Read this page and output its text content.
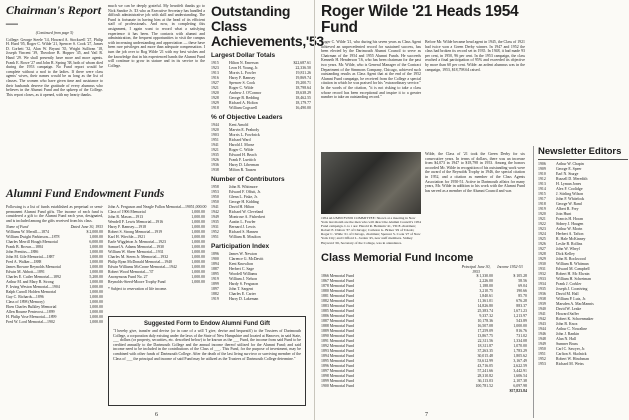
Chairman's Report—
(Continued from page 5)
College: George Steele '14, Howard A. Stockwell '27, Philip H. Hurd '05, Roger C. Wilde '21, Spencer S. Cook '27, James D. Corbett '32, Alan W. Bryant '35, Wright Sullivan '18, Joseph Vincent '39, Theodore B. Hopper '45, and Vail R. Hand '29. We shall presently have more and more agents. Frank E. Rowe '27 and John R. Spring '38, both of whom died during the 1953 campaign. No Fund report would be complete without a nod to the ladies. If there were class agents' wives, their names would be as long as the list of classes. The women who have given time and assistance to their husbands deserve the gratitude of every alumnus who believes in the Alumni Fund and the upkeep of the College. This report closes, as it opened, with my hearty thanks.
much we can be deeply grateful. My heartfelt thanks go to Nick Sandoe Jr. '43 who as Executive Secretary has handled a difficult administrative job with skill and understanding. The Fund is fortunate in having him at the head of its efficient staff of professionals. And now, in completing this assignment, I again want to record what a satisfying experience it has been. The contacts with alumni and administration, the frequent opportunities to visit the campus with increasing understanding and appreciation — these have been rare privileges and more than adequate compensation. I turn the job over to Rog Wilde '21 with my best wishes and the knowledge that in his experienced hands the Alumni Fund will continue to grow in stature and in its service to the College.
Alumni Fund Endowment Funds
Following is a list of funds established as perpetual or semi-permanent Alumni Fund gifts. The income of each fund is considered a gift to the Alumni Fund each year, designated, and is included among the gifts received from his class.
Name of Fund	Dated June 30, 1953
Williams W. Merrill—1874	$ 2,000.00
William Dwight Parkinson—1878	1,000.00
Charles Merrill Hough Memorial	6,000.00
Frank B. Brown—1884	1,000.00
John Prentiss—1886	1,000.00
John M. Gile Memorial—1887	1,000.00
Fred A. Walker—1888	1,000.00
James Browne Reynolds Memorial	1,000.00
Edwin M. Abbott—1891	1,000.00
Charles E. Cutler Memorial—1892	5,200.00
Arthur M. and Mary B. Strong	1,000.00
F. Irving Weston Memorial—1904	1,000.00
Ralph Carroll Holden Memorial	1,000.00
Guy C. Richards—1896	1,000.00
Class of 1898 (Memory)	1,000.00
Eben Charles Bulkley Memorial	1,000.00
Allen Bourne Pentecost—1899	1,000.00
H. Philip Vose Memorial—1899	1,000.00
Fred W. Lord Memorial—1902	1,000.00
John A. Ferguson and Neagle Fallon Memorial—1905 1,000.00
Class of 1906 Memorial	1,000.00
John R. Mason—1913	1,000.00
Wendell F. Lewis Memorial—1916	1,000.00
Harry F. Ramsey—1918	1,000.00
Robert S. Strong Memorial—1919	1,000.00
Karl H. Wiechle—1921	1,000.00
Earle Wiggleton Jr. Memorial—1923	1,000.00
Samuel A. Adams Memorial—1930	1,000.00
William W. Sheer Memorial—1931	1,000.00
Charles M. Sterm Jr. Memorial—1932	1,000.00
Philip Ryan McDonald Memorial—1940	1,000.00
Edwin Williams McCrone Memorial—1942	1,000.00
Robert Wood Memorial—'37	1,000.00
Anonymous Fund No. 27	1,000.00
Reynolds-Steed-Moore Trophy Fund	1,000.00
* Subject to reservation of life income.
Suggested Form to Endow Alumni Fund Gift
"I hereby give, transfer and devise (or in case of a will 'I give, devise and bequeath') to the Trustees of Dartmouth College, a corporation duly existing under the laws of the State of New Hampshire and located at Hanover, in said State, ___ dollars (or property, securities, etc. described below) to be known as the ___ Fund, the income from said Fund to be credited annually to the Dartmouth College and the annual income thereof utilized for the Alumni Fund; and said income need to be included in the contributions of the Class of ___. This Fund, for the purpose of investment, may be combined with other funds of Dartmouth College. After the death of the last living survivor or surviving member of the Class of ___ the principal and income of said Fund may be utilized as the Trustees of Dartmouth College determine."
Outstanding Class Achievements,'53
Largest Dollar Totals
1915	Hilton N. Emerson	$22,687.61
1923	Leon H. Young, Jr.	22,336.50
1913	Morris L. Fowler	19,811.26
1916	Harry F. Ramsey	19,869.74
1927	Spencer S. Cook	19,200.71
1921	Roger C. Wilde	18,798.64
1920	Andrew J. O'Connor	18,638.29
1928	George B. Redding	18,462.55
1929	Richard A. Holton	18,179.77
1918	William Cogswell	16,490.00
% of Objective Leaders
1944	Kent Arnold
1920	Marvin E. Peabody
1903	Morris L. Fowbrick
1951	Richard Ward
1941	Harold J. Morse
1921	Roger C. Wilde
1935	Edward H. Beach
1926	Frank F. Luettich
1936	Harry D. Liberman
1938	Milton R. Tausen
Number of Contributors
1958	John R. Whitmore
1953	Edward F. Offutt, Jr.
1950	Glenn L. Fiske, Jr.
1950	George H. Kidding
1941	David H. Hilton
1942	Richard W. Cleveland
1949	Montrose A. Fisherkeri
1935	Austin L. Fowler
1931	Bernard J. Lewis
1952	Richard S. Hansen
1951	William R. Moulton
Participation Index
1896	James W. Newton
1900	Clarence G. McDavitt
1894	Kent Knowlton
1887	Herbert C. Sage
1895	Woodell Williams
1919	William J. Nelson
1899	Hardy S. Ferguson
1897	John T. Sargent
1882	Charles E. Carter
1919	Harry D. Lakeman
6
Roger Wilde '21 Heads 1954 Fund
Roger C. Wilde '21, who during his seven years as Class Agent achieved an unprecedented record for sustained success, has been elected by the Dartmouth Alumni Council to serve as Chairman of the 1954 and 1955 Alumni Funds. He succeeds Kenneth H. Henderson '16, who has been chairman for the past two years. Mr. Wilde, who is General Manager of the Contract Department of the Simmons Company, Chicago, achieved such outstanding results as Class Agent that at the end of the 1952 Alumni Fund campaign, he received from the College a special citation in which he was praised for his "extraordinary service." In the words of the citation, "it is not risking to take a class whose record has been exceptional and inspire it to a greater number to take an outstanding record."
Before Mr. Wilde became head agent in 1945, the Class of 1921 had twice won a Green Derby winner. In 1947 and 1952 the class had broken its record set in 1935. In 1948, it had made 93 per cent, in 1950, 96 per cent. In the 1953 campaign, the class reached a final participation of 95% and exceeded its objective by more than 60 per cent. Wilde: an ardent alumnus was in the campaign, 1953, $18,798.64 raised.
1954 ALUMNI FUND COMMITTEE: Shown at a meeting in New York last month are the men who will direct the Alumni Council's 1954 Fund campaign. L to r are: Harold R. Heinlein '41, VICE-chairman; Robert E. Dalton '37 of Chicago; Carleton G. Briner '29 of Toledo; Roger C. Wilde '21 of Chicago, chairman; Spencer S. Cook '27 of New York City; and Clifford L. Jordan '45, new staff members. Sidney Hayward '26, Secretary of the College, was in attendance.
Wilde, the Class of '21 took the Green Derby for six consecutive years. In terms of dollars, there was an increase from $4,073 in 1947 to $18,798 in 1953. Among the honors accorded Mr. Wilde in recognition of his outstanding work were the award of the Reynolds Trophy in 1946, the special citation in 1952, and a citation as member of the Class Agents Association for 1950-51. Active in Dartmouth affairs for many years, Mr. Wilde in addition to his work with the Alumni Fund has served as a member of the Alumni Council and was
Newsletter Editors
1906	Arthur W. Chapin
1909	George E. Speer
1910	Earl N. Sturge
1912	Russell D. Meredith
1913	H. Lyman Jones
1914	Alex F. Coolidge
1915	J. Stirling Wilson
1917	John F. Whitelock
1918	George W. Rand
1919	Albert R. Frey
1920	Join Hunt
1921	Francis H. Horan
1922	Sidney J. Haugen
1923	Arthur W. Morin
1924	Herbert A. Tafton
1925	R. Hale McKinney
1926	Leslie B. Rollins
1927	John W. Wheyl
1928	Dick Kelley
1929	John R. Rockwood
1930	William R. Whitman
1931	Edward M. Campbell
1932	Robert H. Mc Elwain
1933	William H. Schreiman
1934	Frank J. Corkler
1935	Joseph J. Cooniving
1936	David M. Hall
1938	William P. Lutz, Jr.
1939	Marsden A. MacMannis
1940	David W. Leake
1941	Howard Saffer
1942	Robert K. Schoenmaker
1943	John B. Knox
1944	Arthur C. Nowaline
1946	John J. Rankin
1948	Alan N. Hall
1949	Sumner Bruss
1950	Carl C. Sawyer, Jr.
1951	Carlton S. Skolnick
1952	Robert W. Hinchman
1953	Richard M. Weiss
Class Memorial Fund Income
Principal June 30, 1953
Income 1952-53
1866 Memorial Fund	$ 1,330.00	$ 105.28
1867 Memorial Fund	2,226.00	58.56
1878 Memorial Fund	1,188.00	69.04
1880 Memorial Fund	3,210.75	190.66
1881 Memorial Fund	1,840.61	85.70
1882 Memorial Fund	11,361.01	676.28
1883 Memorial Fund	14,826.80	883.37
1885 Memorial Fund	25,383.74	1,671.23
1886 Memorial Fund	9,337.32	1,213.97
1887 Memorial Fund	10,178.36	543.89
1888 Memorial Fund	16,507.08	1,000.00
1889 Memorial Fund	17,259.09	816.76
1890 Memorial Fund	13,867.75	731.02
1891 Memorial Fund	22,311.56	1,334.08
1892 Memorial Fund	18,311.87	1,070.00
1893 Memorial Fund	37,263.35	1,783.29
1894 Memorial Fund	30,015.48	1,805.62
1895 Memorial Fund	53,612.99	3,167.49
1896 Memorial Fund	43,716.05	2,622.59
1897 Memorial Fund	57,241.66	3,442.91
1898 Memorial Fund	28,310.82	1,606.54
1899 Memorial Fund	36,113.03	2,107.38
1900 Memorial Fund	100,781.52	6,097.98
$57,823.84
7
